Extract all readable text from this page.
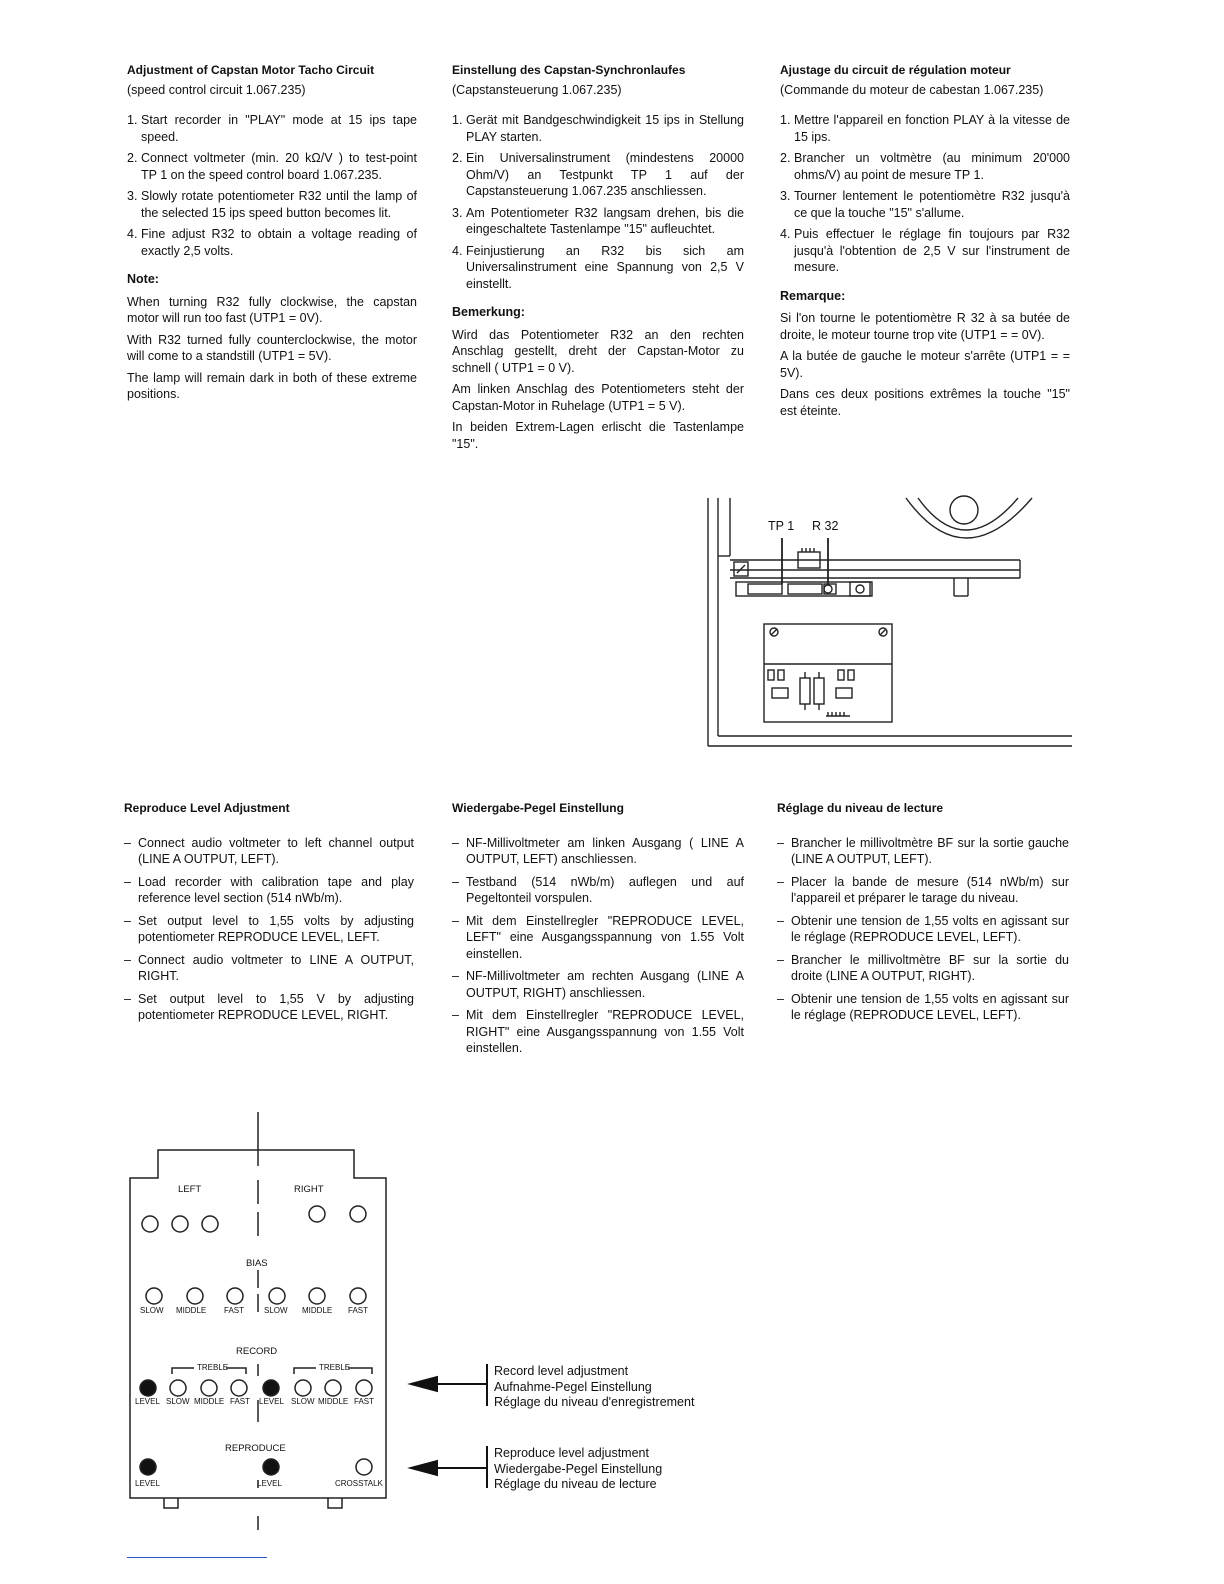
Adjustment of Capstan Motor Tacho Circuit

(speed control circuit 1.067.235)

1. Start recorder in "PLAY" mode at 15 ips tape speed.
2. Connect voltmeter (min. 20 kΩ/V ) to test-point TP 1 on the speed control board 1.067.235.
3. Slowly rotate potentiometer R32 until the lamp of the selected 15 ips speed button becomes lit.
4. Fine adjust R32 to obtain a voltage reading of exactly 2,5 volts.

Note:

When turning R32 fully clockwise, the capstan motor will run too fast (UTP1 = 0V).

With R32 turned fully counterclockwise, the motor will come to a standstill (UTP1 = 5V).

The lamp will remain dark in both of these extreme positions.

Einstellung des Capstan-Synchronlaufes

(Capstansteuerung 1.067.235)

1. Gerät mit Bandgeschwindigkeit 15 ips in Stellung PLAY starten.
2. Ein Universalinstrument (mindestens 20000 Ohm/V) an Testpunkt TP 1 auf der Capstansteuerung 1.067.235 anschliessen.
3. Am Potentiometer R32 langsam drehen, bis die eingeschaltete Tastenlampe "15" aufleuchtet.
4. Feinjustierung an R32 bis sich am Universalinstrument eine Spannung von 2,5 V einstellt.

Bemerkung:

Wird das Potentiometer R32 an den rechten Anschlag gestellt, dreht der Capstan-Motor zu schnell ( UTP1 = 0 V).

Am linken Anschlag des Potentiometers steht der Capstan-Motor in Ruhelage (UTP1 = 5 V).

In beiden Extrem-Lagen erlischt die Tastenlampe "15".

Ajustage du circuit de régulation moteur

(Commande du moteur de cabestan 1.067.235)

1. Mettre l'appareil en fonction PLAY à la vitesse de 15 ips.
2. Brancher un voltmètre (au minimum 20'000 ohms/V) au point de mesure TP 1.
3. Tourner lentement le potentiomètre R32 jusqu'à ce que la touche "15" s'allume.
4. Puis effectuer le réglage fin toujours par R32 jusqu'à l'obtention de 2,5 V sur l'instrument de mesure.

Remarque:

Si l'on tourne le potentiomètre R 32 à sa butée de droite, le moteur tourne trop vite (UTP1 = = 0V).

A la butée de gauche le moteur s'arrête (UTP1 = = 5V).

Dans ces deux positions extrêmes la touche "15" est éteinte.

TP 1 R 32

Reproduce Level Adjustment

– Connect audio voltmeter to left channel output (LINE A OUTPUT, LEFT).
– Load recorder with calibration tape and play reference level section (514 nWb/m).
– Set output level to 1,55 volts by adjusting potentiometer REPRODUCE LEVEL, LEFT.
– Connect audio voltmeter to LINE A OUTPUT, RIGHT.
– Set output level to 1,55 V by adjusting potentiometer REPRODUCE LEVEL, RIGHT.

Wiedergabe-Pegel Einstellung

– NF-Millivoltmeter am linken Ausgang ( LINE A OUTPUT, LEFT) anschliessen.
– Testband (514 nWb/m) auflegen und auf Pegeltonteil vorspulen.
– Mit dem Einstellregler "REPRODUCE LEVEL, LEFT" eine Ausgangsspannung von 1.55 Volt einstellen.
– NF-Millivoltmeter am rechten Ausgang (LINE A OUTPUT, RIGHT) anschliessen.
– Mit dem Einstellregler "REPRODUCE LEVEL, RIGHT" eine Ausgangsspannung von 1.55 Volt einstellen.

Réglage du niveau de lecture

– Brancher le millivoltmètre BF sur la sortie gauche (LINE A OUTPUT, LEFT).
– Placer la bande de mesure (514 nWb/m) sur l'appareil et préparer le tarage du niveau.
– Obtenir une tension de 1,55 volts en agissant sur le réglage (REPRODUCE LEVEL, LEFT).
– Brancher le millivoltmètre BF sur la sortie du droite (LINE A OUTPUT, RIGHT).
– Obtenir une tension de 1,55 volts en agissant sur le réglage (REPRODUCE LEVEL, LEFT).
LEFT	RIGHT
BIAS
SLOW MIDDLE FAST SLOW MIDDLE FAST
RECORD
TREBLE	TREBLE
LEVEL SLOW MIDDLE FAST LEVEL SLOW MIDDLE FAST
REPRODUCE
LEVEL	LEVEL	CROSSTALK
Record level adjustment
Aufnahme-Pegel Einstellung
Réglage du niveau d'enregistrement
Reproduce level adjustment
Wiedergabe-Pegel Einstellung
Réglage du niveau de lecture
